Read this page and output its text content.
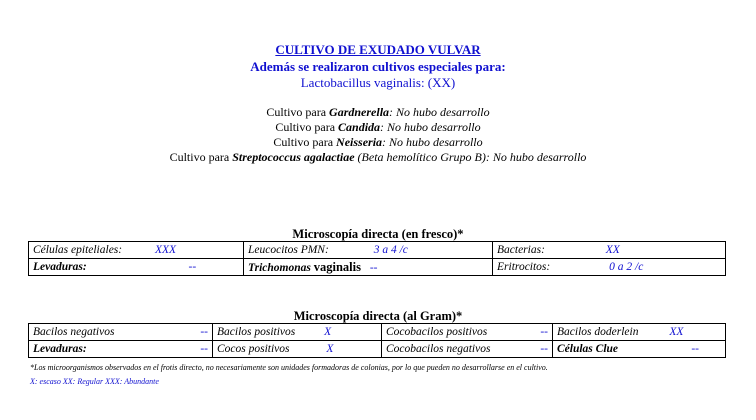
CULTIVO DE EXUDADO VULVAR
Además se realizaron cultivos especiales para:
Lactobacillus vaginalis: (XX)
Cultivo para Gardnerella: No hubo desarrollo
Cultivo para Candida: No hubo desarrollo
Cultivo para Neisseria: No hubo desarrollo
Cultivo para Streptococcus agalactiae (Beta hemolítico Grupo B): No hubo desarrollo
Microscopía directa (en fresco)*
Células epiteliales: XXX	Leucocitos PMN: 3 a 4 /c	Bacterias: XX
Levaduras: --	Trichomonas vaginalis --	Eritrocitos: 0 a 2 /c
Microscopía directa (al Gram)*
Bacilos negativos --	Bacilos positivos X	Cocobacilos positivos --	Bacilos doderlein XX
Levaduras: --	Cocos positivos X	Cocobacilos negativos --	Células Clue --
*Los microorganismos observados en el frotis directo, no necesariamente son unidades formadoras de colonias, por lo que pueden no desarrollarse en el cultivo.
X: escaso XX: Regular XXX: Abundante
